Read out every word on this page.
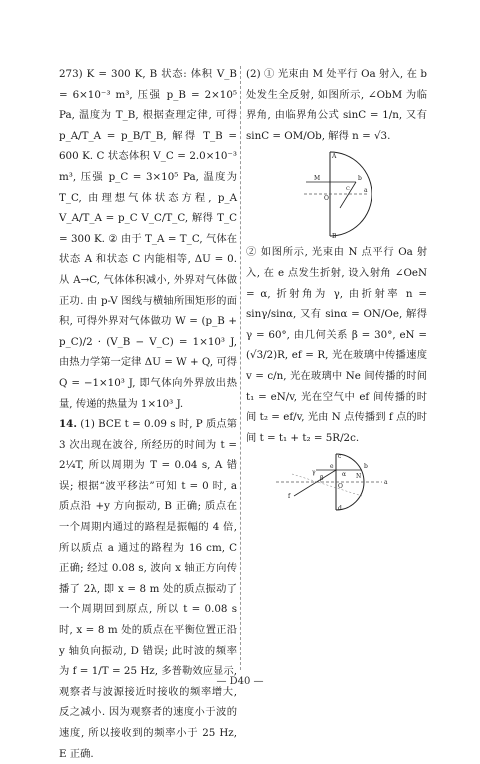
273) K = 300 K, B 状态: 体积 V_B = 6×10⁻³ m³, 压强 p_B = 2×10⁵ Pa, 温度为 T_B, 根据查理定律, 可得 p_A/T_A = p_B/T_B, 解得 T_B = 600 K. C 状态体积 V_C = 2.0×10⁻³ m³, 压强 p_C = 3×10⁵ Pa, 温度为 T_C, 由理想气体状态方程, p_A V_A/T_A = p_C V_C/T_C, 解得 T_C = 300 K. ② 由于 T_A = T_C, 气体在状态 A 和状态 C 内能相等, ΔU = 0. 从 A→C, 气体体积减小, 外界对气体做正功. 由 p-V 图线与横轴所围矩形的面积, 可得外界对气体做功 W = (p_B + p_C)/2 · (V_B − V_C) = 1×10³ J, 由热力学第一定律 ΔU = W + Q, 可得 Q = −1×10³ J, 即气体向外界放出热量, 传递的热量为 1×10³ J.

14. (1) BCE t = 0.09 s 时, P 质点第 3 次出现在波谷, 所经历的时间为 t = 2¼T, 所以周期为 T = 0.04 s, A 错误; 根据“波平移法”可知 t = 0 时, a 质点沿 +y 方向振动, B 正确; 质点在一个周期内通过的路程是振幅的 4 倍, 所以质点 a 通过的路程为 16 cm, C 正确; 经过 0.08 s, 波向 x 轴正方向传播了 2λ, 即 x = 8 m 处的质点振动了一个周期回到原点, 所以 t = 0.08 s 时, x = 8 m 处的质点在平衡位置正沿 y 轴负向振动, D 错误; 此时波的频率为 f = 1/T = 25 Hz, 多普勒效应显示, 观察者与波源接近时接收的频率增大, 反之减小. 因为观察者的速度小于波的速度, 所以接收到的频率小于 25 Hz, E 正确.

(2) ① 光束由 M 处平行 Oa 射入, 在 b 处发生全反射, 如图所示, ∠ObM 为临界角, 由临界角公式 sinC = 1/n, 又有 sinC = OM/Ob, 解得 n = √3.

M
O
a
b
A
B
C

② 如图所示, 光束由 N 点平行 Oa 射入, 在 e 点发生折射, 设入射角 ∠OeN = α, 折射角为 γ, 由折射率 n = sinγ/sinα, 又有 sinα = ON/Oe, 解得 γ = 60°, 由几何关系 β = 30°, eN = (√3/2)R, ef = R, 光在玻璃中传播速度 v = c/n, 光在玻璃中 Ne 间传播的时间 t₁ = eN/v, 光在空气中 ef 间传播的时间 t₂ = ef/v, 光由 N 点传播到 f 点的时间 t = t₁ + t₂ = 5R/2c.

a
b
c
d
e
f
O
N
β
γ	α
— D40 —
